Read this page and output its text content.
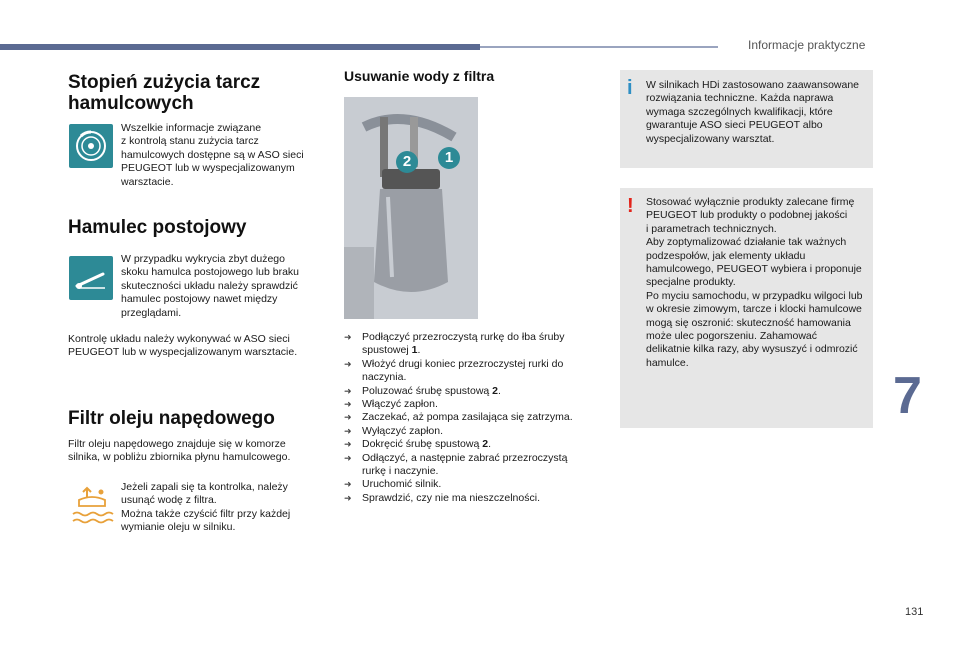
Informacje praktyczne
Stopień zużycia tarcz
hamulcowych
Wszelkie informacje związane
z kontrolą stanu zużycia tarcz
hamulcowych dostępne są w ASO sieci
PEUGEOT lub w wyspecjalizowanym
warsztacie.
Hamulec postojowy
W przypadku wykrycia zbyt dużego
skoku hamulca postojowego lub braku
skuteczności układu należy sprawdzić
hamulec postojowy nawet między
przeglądami.
Kontrolę układu należy wykonywać w ASO sieci
PEUGEOT lub w wyspecjalizowanym warsztacie.
Filtr oleju napędowego
Filtr oleju napędowego znajduje się w komorze
silnika, w pobliżu zbiornika płynu hamulcowego.
Jeżeli zapali się ta kontrolka, należy
usunąć wodę z filtra.
Można także czyścić filtr przy każdej
wymianie oleju w silniku.
Usuwanie wody z filtra
2	1
➜ Podłączyć przezroczystą rurkę do łba śruby
spustowej 1.
➜ Włożyć drugi koniec przezroczystej rurki do
naczynia.
➜ Poluzować śrubę spustową 2.
➜ Włączyć zapłon.
➜ Zaczekać, aż pompa zasilająca się zatrzyma.
➜ Wyłączyć zapłon.
➜ Dokręcić śrubę spustową 2.
➜ Odłączyć, a następnie zabrać przezroczystą
rurkę i naczynie.
➜ Uruchomić silnik.
➜ Sprawdzić, czy nie ma nieszczelności.
i W silnikach HDi zastosowano zaawansowane
rozwiązania techniczne. Każda naprawa
wymaga szczególnych kwalifikacji, które
gwarantuje ASO sieci PEUGEOT albo
wyspecjalizowany warsztat.
! Stosować wyłącznie produkty zalecane firmę
PEUGEOT lub produkty o podobnej jakości
i parametrach technicznych.
Aby zoptymalizować działanie tak ważnych
podzespołów, jak elementy układu
hamulcowego, PEUGEOT wybiera i proponuje
specjalne produkty.
Po myciu samochodu, w przypadku wilgoci lub
w okresie zimowym, tarcze i klocki hamulcowe
mogą się oszronić: skuteczność hamowania
może ulec pogorszeniu. Zahamować
delikatnie kilka razy, aby wysuszyć i odmrozić
hamulce.
7
131
